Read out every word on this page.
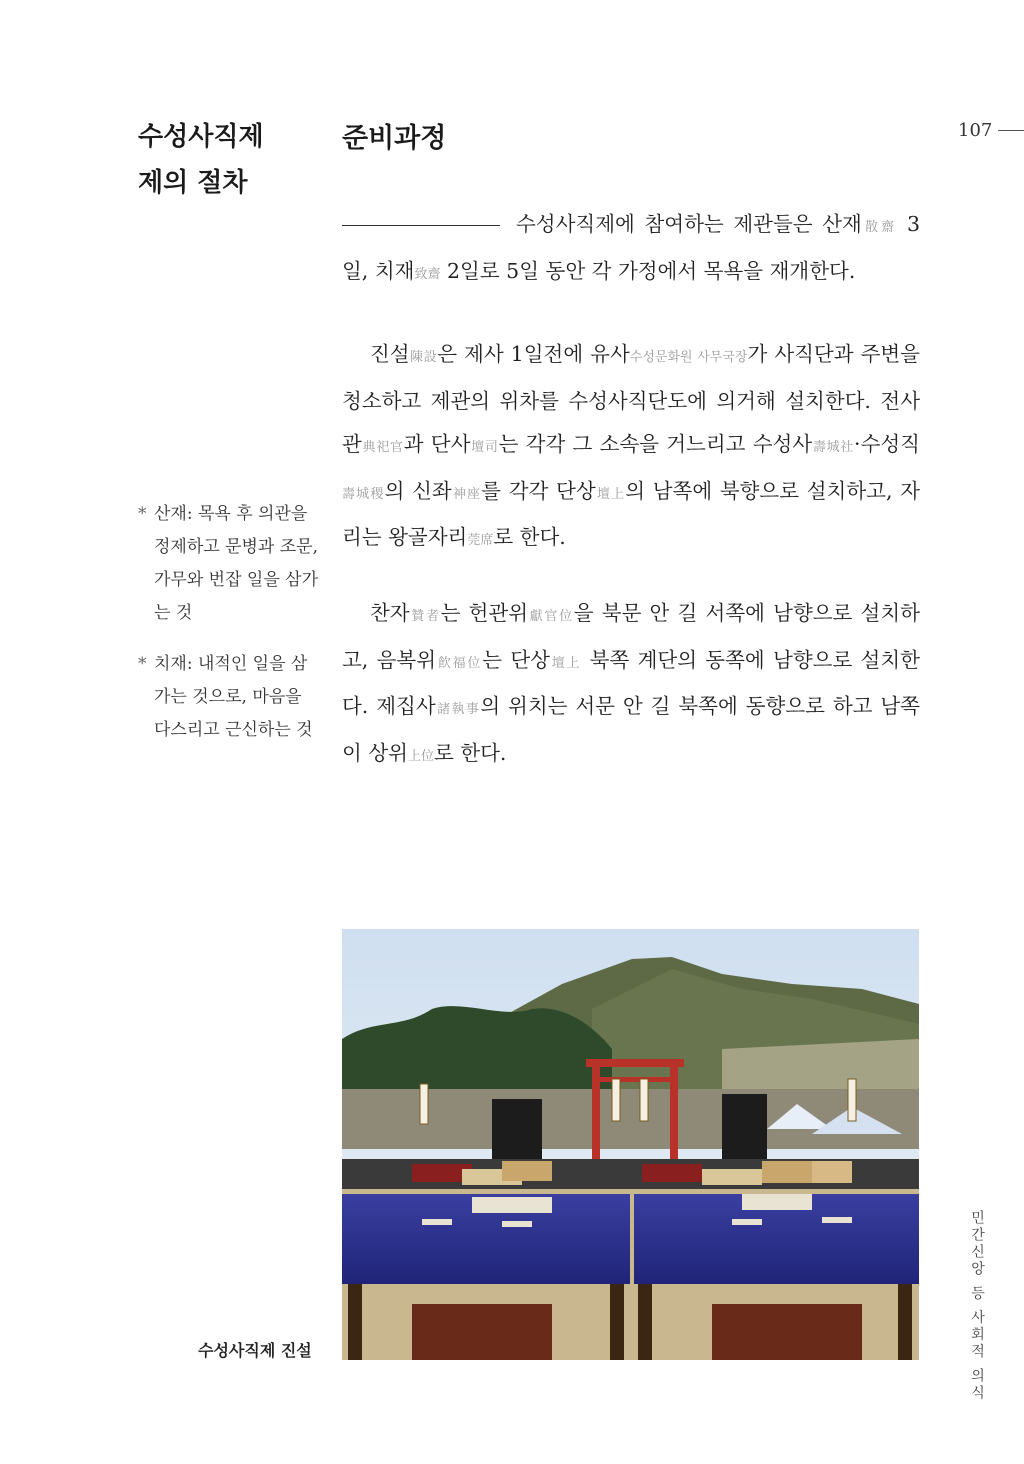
수성사직제
제의 절차
준비과정	107
수성사직제에 참여하는 제관들은 산재散齋 3일, 치재致齋 2일로 5일 동안 각 가정에서 목욕을 재개한다.
진설陳設은 제사 1일전에 유사수성문화원 사무국장가 사직단과 주변을 청소하고 제관의 위차를 수성사직단도에 의거해 설치한다. 전사관典祀官과 단사壇司는 각각 그 소속을 거느리고 수성사壽城社·수성직壽城稷의 신좌神座를 각각 단상壇上의 남쪽에 북향으로 설치하고, 자리는 왕골자리莞席로 한다.
찬자贊者는 헌관위獻官位을 북문 안 길 서쪽에 남향으로 설치하고, 음복위飮福位는 단상壇上 북쪽 계단의 동쪽에 남향으로 설치한다. 제집사諸執事의 위치는 서문 안 길 북쪽에 동향으로 하고 남쪽이 상위上位로 한다.
* 산재: 목욕 후 의관을 정제하고 문병과 조문, 가무와 번잡 일을 삼가는 것
* 치재: 내적인 일을 삼가는 것으로, 마음을 다스리고 근신하는 것
수성사직제 진설	민간신앙 등 사회적 의식
